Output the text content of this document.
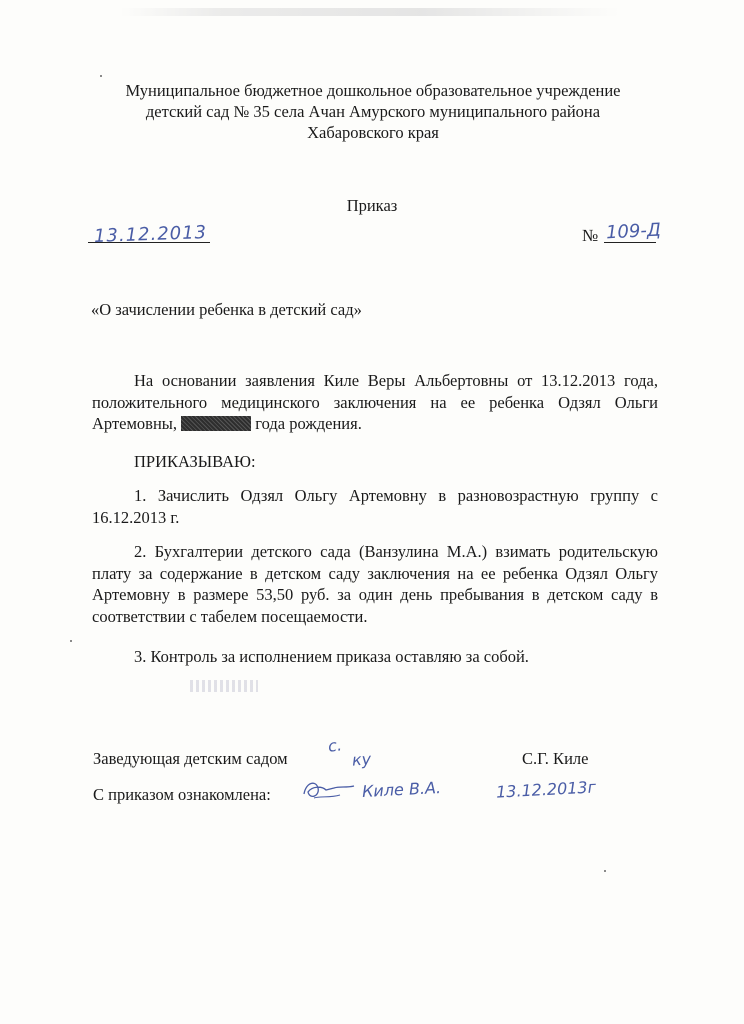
Муниципальное бюджетное дошкольное образовательное учреждение
детский сад № 35 села Ачан Амурского муниципального района
Хабаровского края
Приказ
13.12.2013	№ 109-Д
«О зачислении ребенка в детский сад»
На основании заявления Киле Веры Альбертовны от 13.12.2013 года, положительного медицинского заключения на ее ребенка Одзял Ольги Артемовны,	года рождения.
ПРИКАЗЫВАЮ:
1. Зачислить Одзял Ольгу Артемовну в разновозрастную группу с 16.12.2013 г.
2. Бухгалтерии детского сада (Ванзулина М.А.) взимать родительскую плату за содержание в детском саду заключения на ее ребенка Одзял Ольгу Артемовну в размере 53,50 руб. за один день пребывания в детском саду в соответствии с табелем посещаемости.
3. Контроль за исполнением приказа оставляю за собой.
Заведующая детским садом
с.
ку	С.Г. Киле
С приказом ознакомлена:	Киле В.А.	13.12.2013г
